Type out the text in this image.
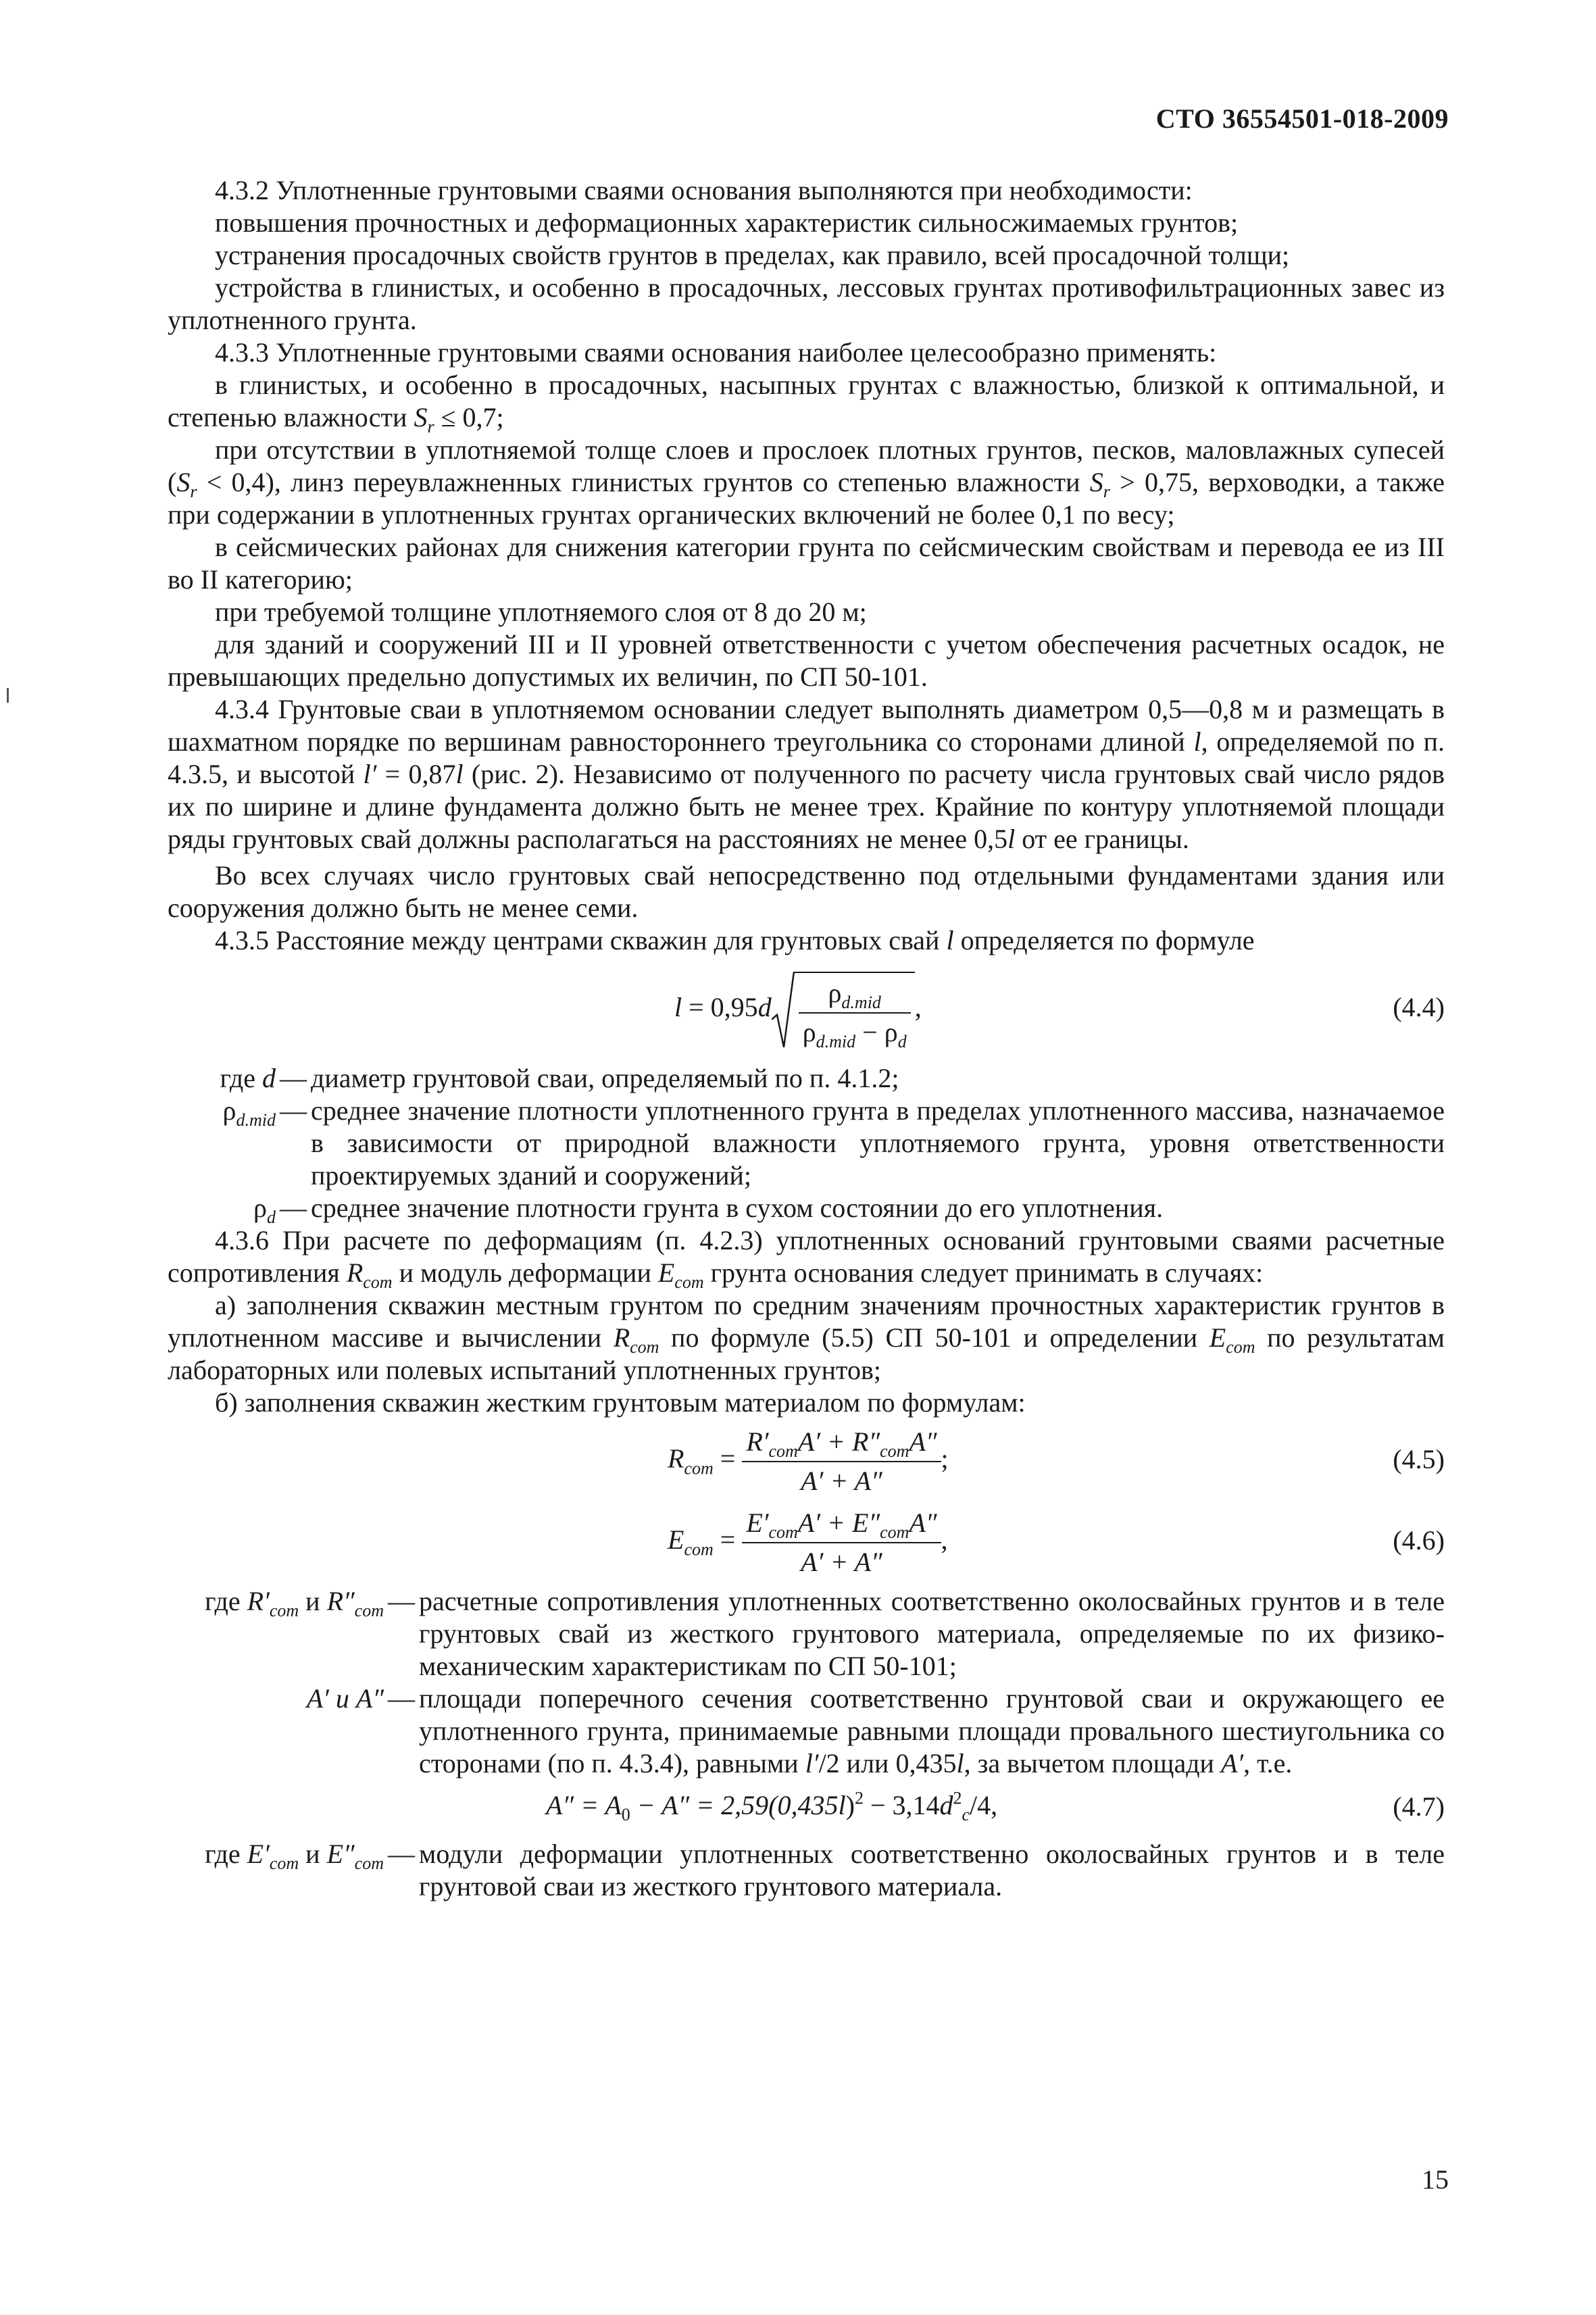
СТО 36554501-018-2009

4.3.2 Уплотненные грунтовыми сваями основания выполняются при необходимости:

повышения прочностных и деформационных характеристик сильносжимаемых грунтов;

устранения просадочных свойств грунтов в пределах, как правило, всей просадочной толщи;

устройства в глинистых, и особенно в просадочных, лессовых грунтах противофильтрационных завес из уплотненного грунта.

4.3.3 Уплотненные грунтовыми сваями основания наиболее целесообразно применять:

в глинистых, и особенно в просадочных, насыпных грунтах с влажностью, близкой к оптимальной, и степенью влажности $S_r \le 0,7$;

при отсутствии в уплотняемой толще слоев и прослоек плотных грунтов, песков, маловлажных супесей $(S_r < 0,4)$, линз переувлажненных глинистых грунтов со степенью влажности $S_r > 0,75$, верховодки, а также при содержании в уплотненных грунтах органических включений не более 0,1 по весу;

в сейсмических районах для снижения категории грунта по сейсмическим свойствам и перевода ее из III во II категорию;

при требуемой толщине уплотняемого слоя от 8 до 20 м;

для зданий и сооружений III и II уровней ответственности с учетом обеспечения расчетных осадок, не превышающих предельно допустимых их величин, по СП 50-101.

4.3.4 Грунтовые сваи в уплотняемом основании следует выполнять диаметром 0,5—0,8 м и размещать в шахматном порядке по вершинам равностороннего треугольника со сторонами длиной l, определяемой по п. 4.3.5, и высотой l′ = 0,87l (рис. 2). Независимо от полученного по расчету числа грунтовых свай число рядов их по ширине и длине фундамента должно быть не менее трех. Крайние по контуру уплотняемой площади ряды грунтовых свай должны располагаться на расстояниях не менее 0,5l от ее границы.

Во всех случаях число грунтовых свай непосредственно под отдельными фундаментами здания или сооружения должно быть не менее семи.

4.3.5 Расстояние между центрами скважин для грунтовых свай l определяется по формуле

$l = 0,95d \frac{\rho_{d.mid}}{\rho_{d.mid} - \rho_d}$ ,	(4.4)
где d — диаметр грунтовой сваи, определяемый по п. 4.1.2;
$\rho_{d.mid}$ — среднее значение плотности уплотненного грунта в пределах уплотненного массива, назначаемое в зависимости от природной влажности уплотняемого грунта, уровня ответственности проектируемых зданий и сооружений;
$\rho_d$ — среднее значение плотности грунта в сухом состоянии до его уплотнения.

4.3.6 При расчете по деформациям (п. 4.2.3) уплотненных оснований грунтовыми сваями расчетные сопротивления $R_{com}$ и модуль деформации $E_{com}$ грунта основания следует принимать в случаях:

а) заполнения скважин местным грунтом по средним значениям прочностных характеристик грунтов в уплотненном массиве и вычислении $R_{com}$ по формуле (5.5) СП 50-101 и определении $E_{com}$ по результатам лабораторных или полевых испытаний уплотненных грунтов;

б) заполнения скважин жестким грунтовым материалом по формулам:

$R_{com} = \frac{R'_{com}A' + R''_{com}A''}{A' + A''}$ ;	(4.5)
$E_{com} = \frac{E'_{com}A' + E''_{com}A''}{A' + A''}$ ,	(4.6)
где $R'_{com}$ и $R''_{com}$ — расчетные сопротивления уплотненных соответственно околосвайных грунтов и в теле грунтовых свай из жесткого грунтового материала, определяемые по их физико-механическим характеристикам по СП 50-101;
A′ и A″ — площади поперечного сечения соответственно грунтовой сваи и окружающего ее уплотненного грунта, принимаемые равными площади провального шестиугольника со сторонами (по п. 4.3.4), равными l′/2 или 0,435l, за вычетом площади A′, т.е.
$A'' = A_0 - A'' = 2,59(0,435l)^2 - 3,14d^2_c/4$,	(4.7)
где $E'_{com}$ и $E''_{com}$ — модули деформации уплотненных соответственно околосвайных грунтов и в теле грунтовой сваи из жесткого грунтового материала.
15
